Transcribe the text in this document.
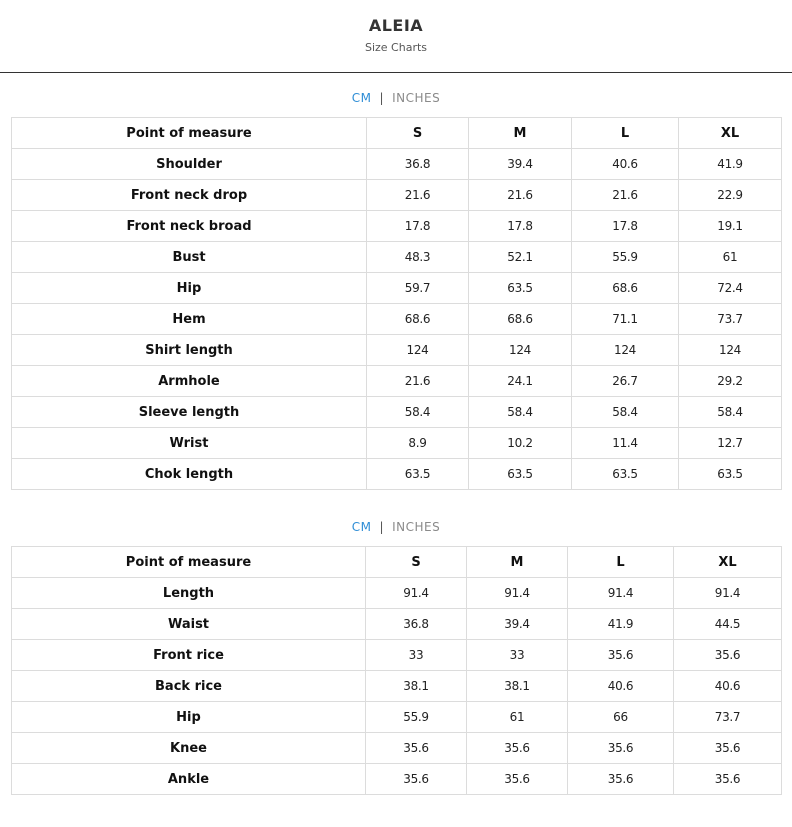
ALEIA
Size Charts
CM | INCHES
Point of measure	S	M	L	XL
Shoulder	36.8	39.4	40.6	41.9
Front neck drop	21.6	21.6	21.6	22.9
Front neck broad	17.8	17.8	17.8	19.1
Bust	48.3	52.1	55.9	61
Hip	59.7	63.5	68.6	72.4
Hem	68.6	68.6	71.1	73.7
Shirt length	124	124	124	124
Armhole	21.6	24.1	26.7	29.2
Sleeve length	58.4	58.4	58.4	58.4
Wrist	8.9	10.2	11.4	12.7
Chok length	63.5	63.5	63.5	63.5
CM | INCHES
Point of measure	S	M	L	XL
Length	91.4	91.4	91.4	91.4
Waist	36.8	39.4	41.9	44.5
Front rice	33	33	35.6	35.6
Back rice	38.1	38.1	40.6	40.6
Hip	55.9	61	66	73.7
Knee	35.6	35.6	35.6	35.6
Ankle	35.6	35.6	35.6	35.6
